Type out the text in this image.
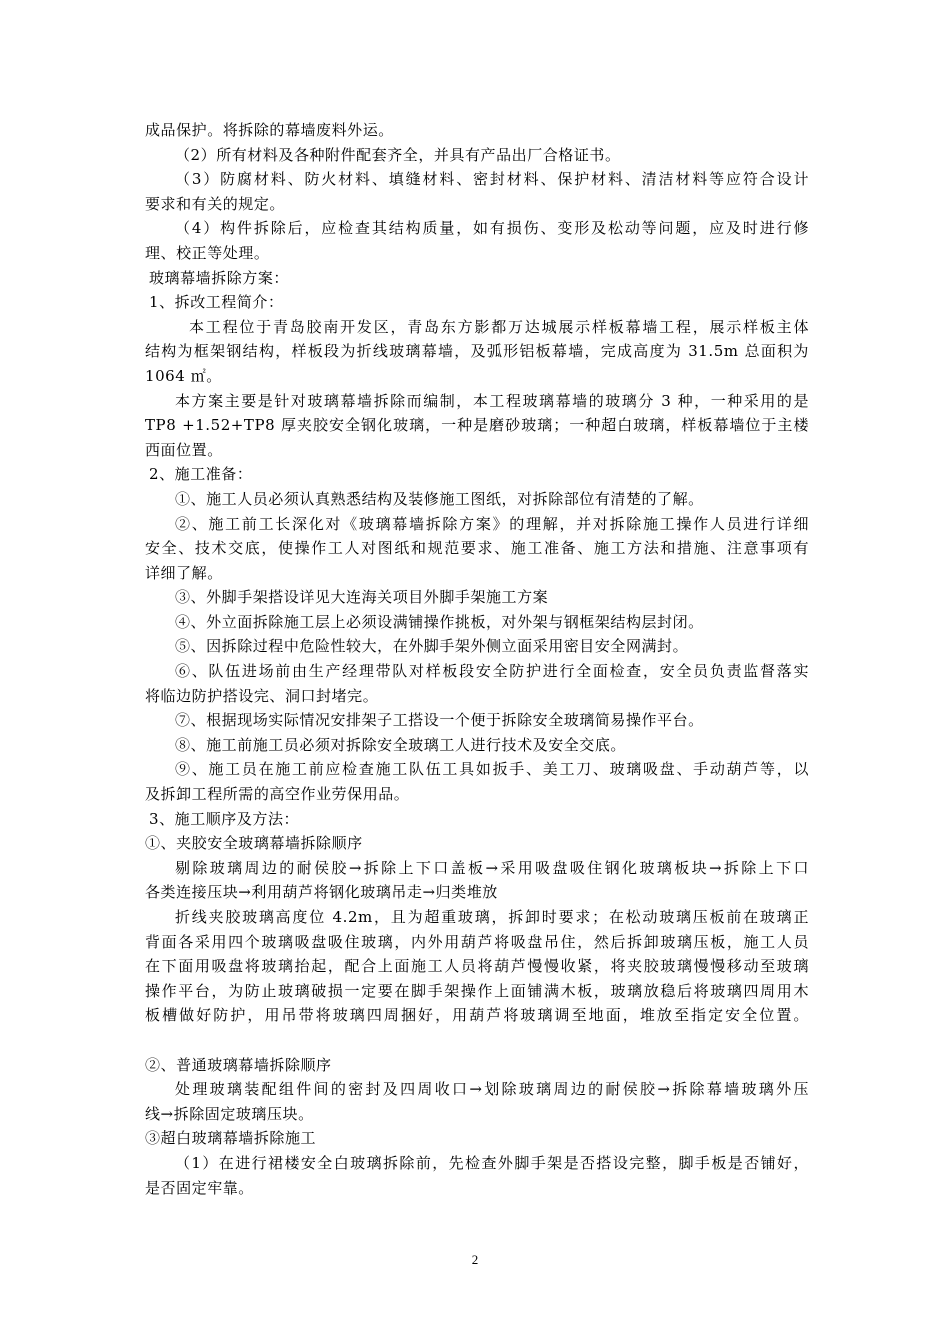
成品保护。将拆除的幕墙废料外运。
（2）所有材料及各种附件配套齐全，并具有产品出厂合格证书。
（3）防腐材料、防火材料、填缝材料、密封材料、保护材料、清洁材料等应符合设计
要求和有关的规定。
（4）构件拆除后，应检查其结构质量，如有损伤、变形及松动等问题，应及时进行修
理、校正等处理。
玻璃幕墙拆除方案：
1、拆改工程简介：
本工程位于青岛胶南开发区，青岛东方影都万达城展示样板幕墙工程，展示样板主体
结构为框架钢结构，样板段为折线玻璃幕墙，及弧形铝板幕墙，完成高度为 31.5m 总面积为
1064 ㎡。
本方案主要是针对玻璃幕墙拆除而编制，本工程玻璃幕墙的玻璃分 3 种，一种采用的是
TP8 +1.52+TP8 厚夹胶安全钢化玻璃，一种是磨砂玻璃；一种超白玻璃，样板幕墙位于主楼
西面位置。
2、施工准备：
①、施工人员必须认真熟悉结构及装修施工图纸，对拆除部位有清楚的了解。
②、施工前工长深化对《玻璃幕墙拆除方案》的理解，并对拆除施工操作人员进行详细
安全、技术交底，使操作工人对图纸和规范要求、施工准备、施工方法和措施、注意事项有
详细了解。
③、外脚手架搭设详见大连海关项目外脚手架施工方案
④、外立面拆除施工层上必须设满铺操作挑板，对外架与钢框架结构层封闭。
⑤、因拆除过程中危险性较大，在外脚手架外侧立面采用密目安全网满封。
⑥、队伍进场前由生产经理带队对样板段安全防护进行全面检查，安全员负责监督落实
将临边防护搭设完、洞口封堵完。
⑦、根据现场实际情况安排架子工搭设一个便于拆除安全玻璃简易操作平台。
⑧、施工前施工员必须对拆除安全玻璃工人进行技术及安全交底。
⑨、施工员在施工前应检查施工队伍工具如扳手、美工刀、玻璃吸盘、手动葫芦等，以
及拆卸工程所需的高空作业劳保用品。
3、施工顺序及方法：
①、夹胶安全玻璃幕墙拆除顺序
剔除玻璃周边的耐侯胶→拆除上下口盖板→采用吸盘吸住钢化玻璃板块→拆除上下口
各类连接压块→利用葫芦将钢化玻璃吊走→归类堆放
折线夹胶玻璃高度位 4.2m，且为超重玻璃，拆卸时要求；在松动玻璃压板前在玻璃正
背面各采用四个玻璃吸盘吸住玻璃，内外用葫芦将吸盘吊住，然后拆卸玻璃压板，施工人员
在下面用吸盘将玻璃抬起，配合上面施工人员将葫芦慢慢收紧，将夹胶玻璃慢慢移动至玻璃
操作平台，为防止玻璃破损一定要在脚手架操作上面铺满木板，玻璃放稳后将玻璃四周用木
板槽做好防护，用吊带将玻璃四周捆好，用葫芦将玻璃调至地面，堆放至指定安全位置。
②、普通玻璃幕墙拆除顺序
处理玻璃装配组件间的密封及四周收口→划除玻璃周边的耐侯胶→拆除幕墙玻璃外压
线→拆除固定玻璃压块。
③超白玻璃幕墙拆除施工
（1）在进行裙楼安全白玻璃拆除前，先检查外脚手架是否搭设完整，脚手板是否铺好，
是否固定牢靠。
2
